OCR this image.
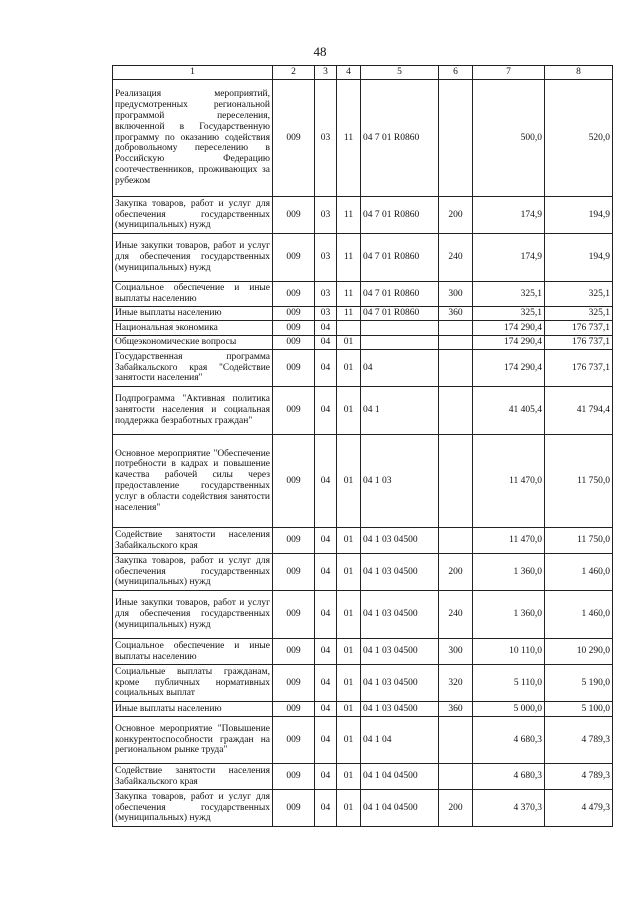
48
1	2	3	4	5	6	7	8
Реализация мероприятий, предусмотренных региональной программой переселения, включенной в Государственную программу по оказанию содействия добровольному переселению в Российскую Федерацию соотечественников, проживающих за рубежом	009	03	11	04 7 01 R0860		500,0	520,0
Закупка товаров, работ и услуг для обеспечения государственных (муниципальных) нужд	009	03	11	04 7 01 R0860	200	174,9	194,9
Иные закупки товаров, работ и услуг для обеспечения государственных (муниципальных) нужд	009	03	11	04 7 01 R0860	240	174,9	194,9
Социальное обеспечение и иные выплаты населению	009	03	11	04 7 01 R0860	300	325,1	325,1
Иные выплаты населению	009	03	11	04 7 01 R0860	360	325,1	325,1
Национальная экономика	009	04				174 290,4	176 737,1
Общеэкономические вопросы	009	04	01			174 290,4	176 737,1
Государственная программа Забайкальского края "Содействие занятости населения"	009	04	01	04		174 290,4	176 737,1
Подпрограмма "Активная политика занятости населения и социальная поддержка безработных граждан"	009	04	01	04 1		41 405,4	41 794,4
Основное мероприятие "Обеспечение потребности в кадрах и повышение качества рабочей силы через предоставление государственных услуг в области содействия занятости населения"	009	04	01	04 1 03		11 470,0	11 750,0
Содействие занятости населения Забайкальского края	009	04	01	04 1 03 04500		11 470,0	11 750,0
Закупка товаров, работ и услуг для обеспечения государственных (муниципальных) нужд	009	04	01	04 1 03 04500	200	1 360,0	1 460,0
Иные закупки товаров, работ и услуг для обеспечения государственных (муниципальных) нужд	009	04	01	04 1 03 04500	240	1 360,0	1 460,0
Социальное обеспечение и иные выплаты населению	009	04	01	04 1 03 04500	300	10 110,0	10 290,0
Социальные выплаты гражданам, кроме публичных нормативных социальных выплат	009	04	01	04 1 03 04500	320	5 110,0	5 190,0
Иные выплаты населению	009	04	01	04 1 03 04500	360	5 000,0	5 100,0
Основное мероприятие "Повышение конкурентоспособности граждан на региональном рынке труда"	009	04	01	04 1 04		4 680,3	4 789,3
Содействие занятости населения Забайкальского края	009	04	01	04 1 04 04500		4 680,3	4 789,3
Закупка товаров, работ и услуг для обеспечения государственных (муниципальных) нужд	009	04	01	04 1 04 04500	200	4 370,3	4 479,3
